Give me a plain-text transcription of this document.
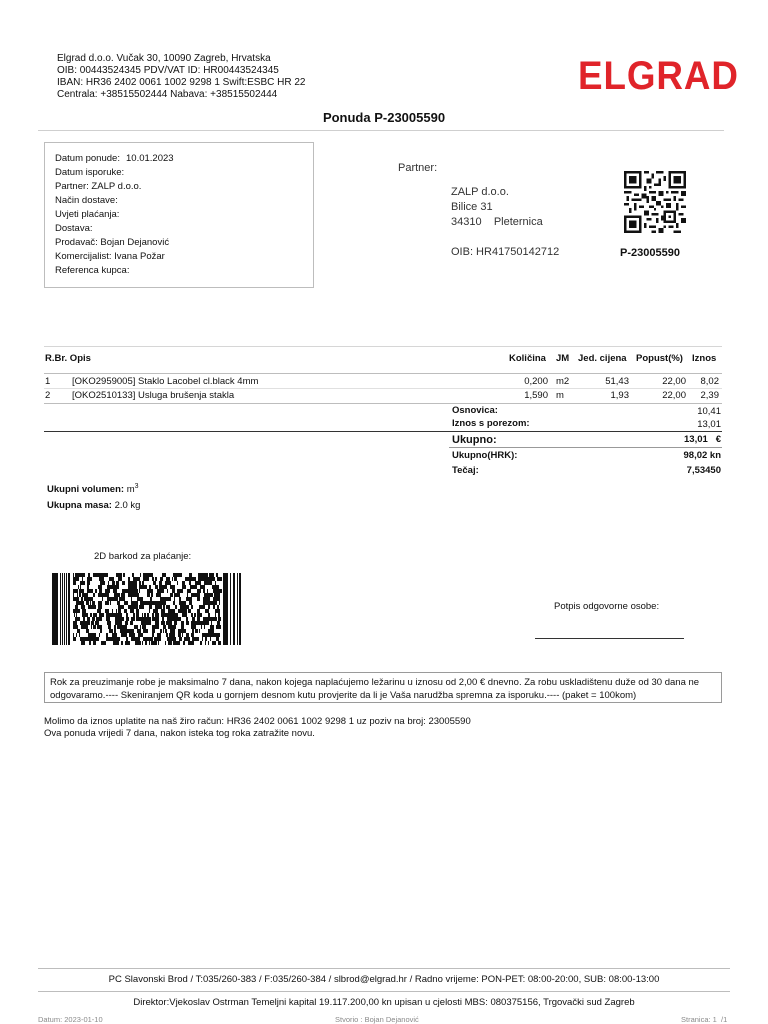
Elgrad d.o.o. Vučak 30, 10090 Zagreb, Hrvatska
OIB: 00443524345 PDV/VAT ID: HR00443524345
IBAN: HR36 2402 0061 1002 9298 1 Swift:ESBC HR 22
Centrala: +38515502444 Nabava: +38515502444	ELGRAD
Ponuda P-23005590
Datum ponude: 10.01.2023
Datum isporuke:
Partner: ZALP d.o.o.
Način dostave:
Uvjeti plaćanja:
Dostava:
Prodavač: Bojan Dejanović
Komercijalist: Ivana Požar
Referenca kupca:
Partner:
ZALP d.o.o.
Bilice 31
34310    Pleternica
OIB: HR41750142712	P-23005590
R.Br. Opis	Količina JM Jed. cijena Popust(%) Iznos
1 [OKO2959005] Staklo Lacobel cl.black 4mm	0,200 m2	51,43	22,00	8,02
2 [OKO2510133] Usluga brušenja stakla	1,590 m	1,93	22,00	2,39
Osnovica:	10,41
Iznos s porezom:	13,01
Ukupno:	13,01   €
Ukupno(HRK):	98,02 kn
Tečaj:	7,53450
Ukupni volumen: $m^3$
Ukupna masa: 2.0 kg
2D barkod za plaćanje:
Potpis odgovorne osobe:
Rok za preuzimanje robe je maksimalno 7 dana, nakon kojega naplaćujemo ležarinu u iznosu od 2,00 € dnevno. Za robu uskladištenu duže od 30 dana ne odgovaramo.---- Skeniranjem QR koda u gornjem desnom kutu provjerite da li je Vaša narudžba spremna za isporuku.---- (paket = 100kom)
Molimo da iznos uplatite na naš žiro račun: HR36 2402 0061 1002 9298 1 uz poziv na broj: 23005590
Ova ponuda vrijedi 7 dana, nakon isteka tog roka zatražite novu.
PC Slavonski Brod / T:035/260-383 / F:035/260-384 / slbrod@elgrad.hr / Radno vrijeme: PON-PET: 08:00-20:00, SUB: 08:00-13:00
Direktor:Vjekoslav Ostrman Temeljni kapital 19.117.200,00 kn upisan u cjelosti MBS: 080375156, Trgovački sud Zagreb
Datum: 2023-01-10	Stvorio : Bojan Dejanović	Stranica: 1  /1
